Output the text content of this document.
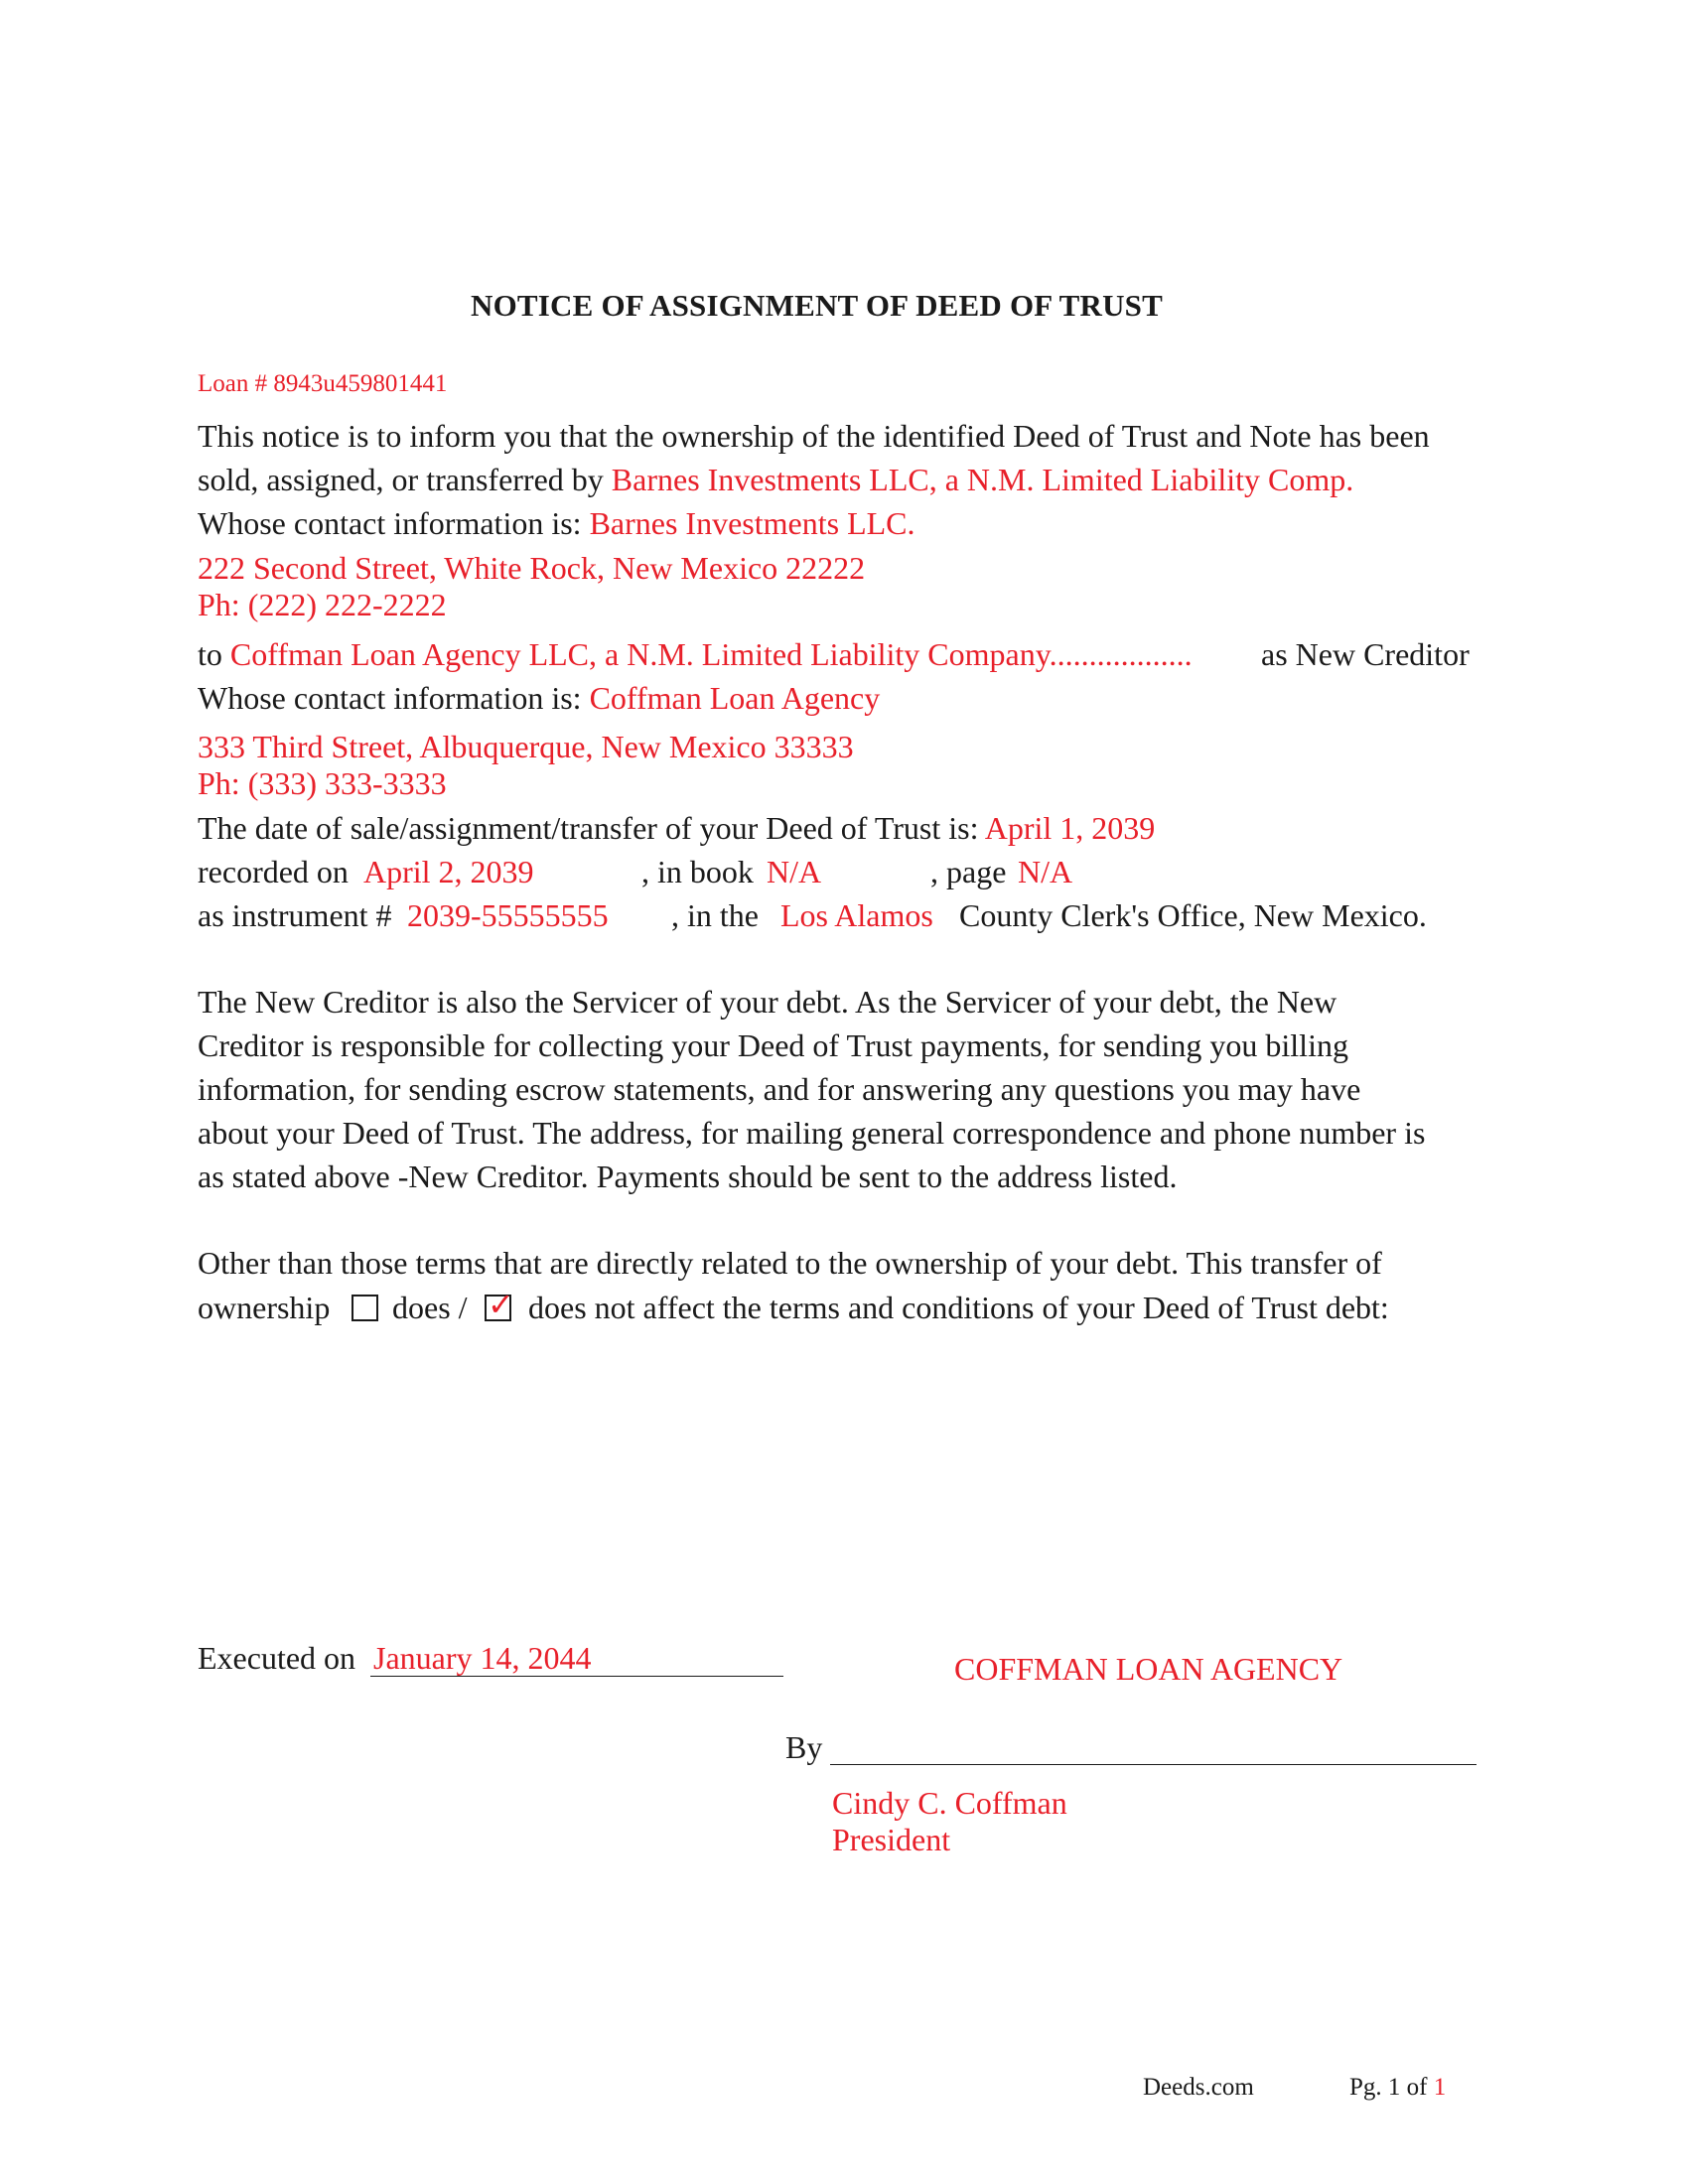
NOTICE OF ASSIGNMENT OF DEED OF TRUST
Loan # 8943u459801441
This notice is to inform you that the ownership of the identified Deed of Trust and Note has been
sold, assigned, or transferred by Barnes Investments LLC, a N.M. Limited Liability Comp.
Whose contact information is: Barnes Investments LLC.
222 Second Street, White Rock, New Mexico 22222
Ph: (222) 222-2222
to Coffman Loan Agency LLC, a N.M. Limited Liability Company.................. as New Creditor
Whose contact information is: Coffman Loan Agency
333 Third Street, Albuquerque, New Mexico 33333
Ph: (333) 333-3333
The date of sale/assignment/transfer of your Deed of Trust is: April 1, 2039
recorded on April 2, 2039	, in book N/A	, page N/A
as instrument # 2039-55555555 , in the Los Alamos County Clerk's Office, New Mexico.
The New Creditor is also the Servicer of your debt. As the Servicer of your debt, the New
Creditor is responsible for collecting your Deed of Trust payments, for sending you billing
information, for sending escrow statements, and for answering any questions you may have
about your Deed of Trust. The address, for mailing general correspondence and phone number is
as stated above -New Creditor. Payments should be sent to the address listed.
Other than those terms that are directly related to the ownership of your debt. This transfer of
ownership does / ✓ does not affect the terms and conditions of your Deed of Trust debt:
Executed on January 14, 2044	COFFMAN LOAN AGENCY
By
Cindy C. Coffman
President
Deeds.com	Pg. 1 of 1
